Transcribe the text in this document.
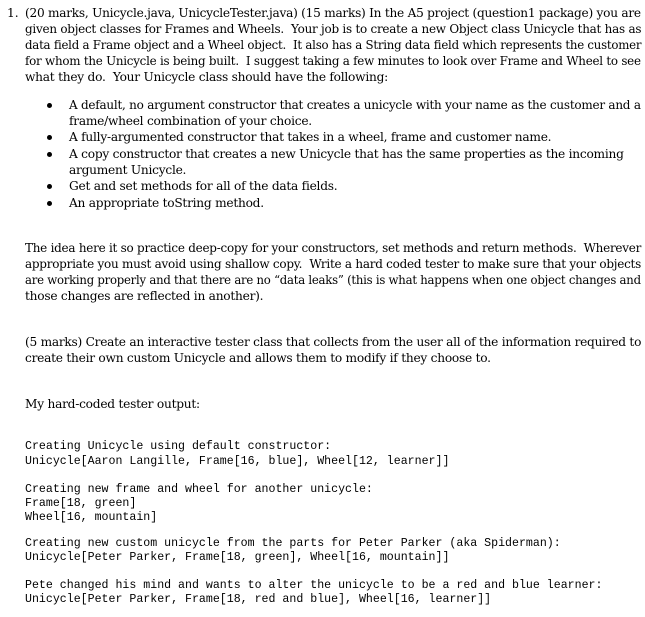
1. (20 marks, Unicycle.java, UnicycleTester.java) (15 marks) In the A5 project (question1 package) you are
given object classes for Frames and Wheels.  Your job is to create a new Object class Unicycle that has as
data field a Frame object and a Wheel object.  It also has a String data field which represents the customer
for whom the Unicycle is being built.  I suggest taking a few minutes to look over Frame and Wheel to see
what they do.  Your Unicycle class should have the following:
A default, no argument constructor that creates a unicycle with your name as the customer and a
frame/wheel combination of your choice.
A fully-argumented constructor that takes in a wheel, frame and customer name.
A copy constructor that creates a new Unicycle that has the same properties as the incoming
argument Unicycle.
Get and set methods for all of the data fields.
An appropriate toString method.
The idea here it so practice deep-copy for your constructors, set methods and return methods.  Wherever
appropriate you must avoid using shallow copy.  Write a hard coded tester to make sure that your objects
are working properly and that there are no “data leaks” (this is what happens when one object changes and
those changes are reflected in another).
(5 marks) Create an interactive tester class that collects from the user all of the information required to
create their own custom Unicycle and allows them to modify if they choose to.
My hard-coded tester output:
Creating Unicycle using default constructor:
Unicycle[Aaron Langille, Frame[16, blue], Wheel[12, learner]]
Creating new frame and wheel for another unicycle:
Frame[18, green]
Wheel[16, mountain]
Creating new custom unicycle from the parts for Peter Parker (aka Spiderman):
Unicycle[Peter Parker, Frame[18, green], Wheel[16, mountain]]
Pete changed his mind and wants to alter the unicycle to be a red and blue learner:
Unicycle[Peter Parker, Frame[18, red and blue], Wheel[16, learner]]
